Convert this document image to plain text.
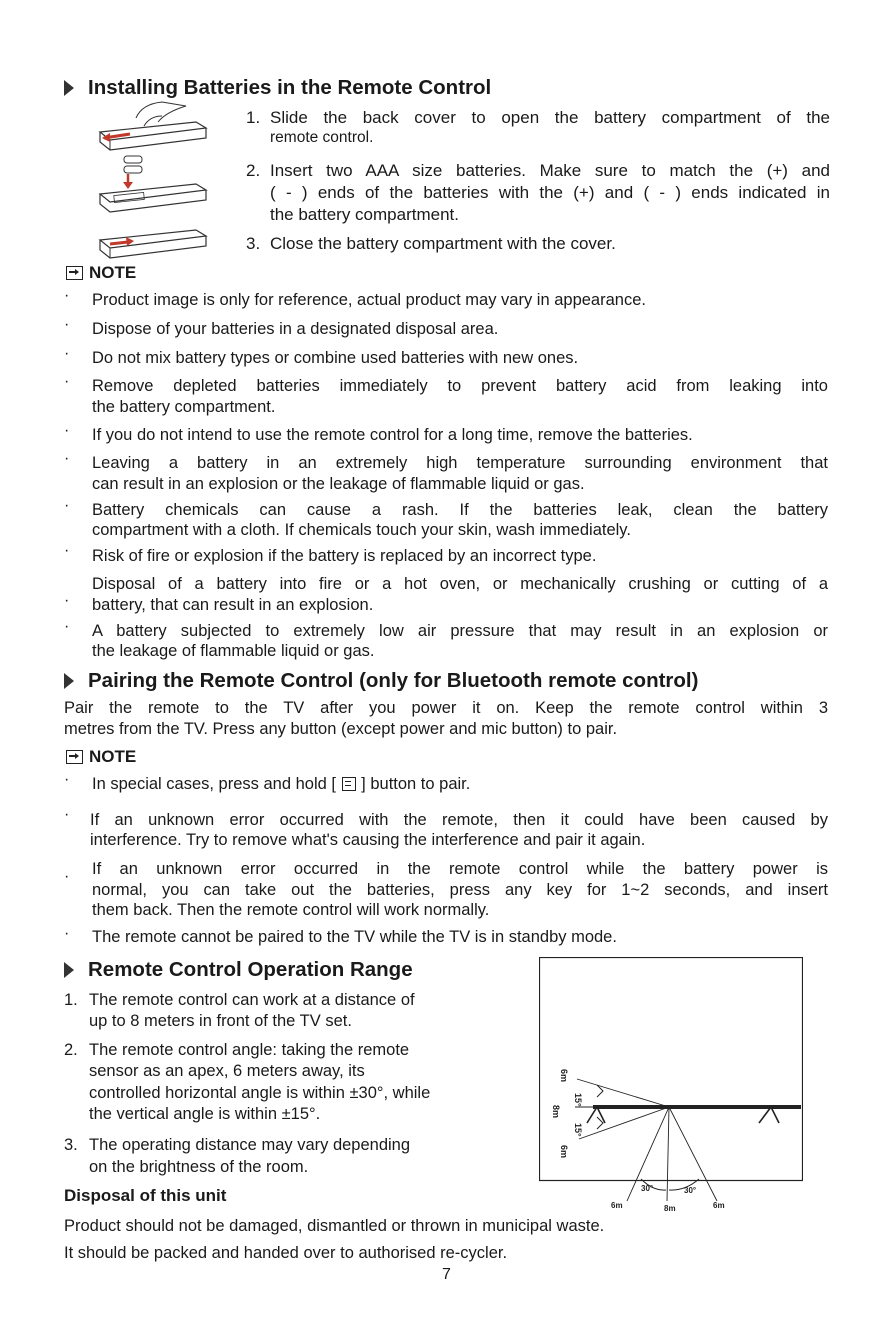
Installing Batteries in the Remote Control
1. Slide the back cover to open the battery compartment of the
remote control.
2. Insert two AAA size batteries. Make sure to match the (+) and
( - ) ends of the batteries with the (+) and ( - ) ends indicated in
the battery compartment.
3. Close the battery compartment with the cover.
NOTE
· Product image is only for reference, actual product may vary in appearance.
· Dispose of your batteries in a designated disposal area.
· Do not mix battery types or combine used batteries with new ones.
· Remove depleted batteries immediately to prevent battery acid from leaking into
the battery compartment.
· If you do not intend to use the remote control for a long time, remove the batteries.
· Leaving a battery in an extremely high temperature surrounding environment that
can result in an explosion or the leakage of flammable liquid or gas.
· Battery chemicals can cause a rash. If the batteries leak, clean the battery
compartment with a cloth. If chemicals touch your skin, wash immediately.
· Risk of fire or explosion if the battery is replaced by an incorrect type.
·
Disposal of a battery into fire or a hot oven, or mechanically crushing or cutting of a
battery, that can result in an explosion.
· A battery subjected to extremely low air pressure that may result in an explosion or
the leakage of flammable liquid or gas.
Pairing the Remote Control (only for Bluetooth remote control)
Pair the remote to the TV after you power it on. Keep the remote control within 3
metres from the TV. Press any button (except power and mic button) to pair.
NOTE
· In special cases, press and hold [ ] button to pair.
· If an unknown error occurred with the remote, then it could have been caused by
interference. Try to remove what's causing the interference and pair it again.
· If an unknown error occurred in the remote control while the battery power is
normal, you can take out the batteries, press any key for 1~2 seconds, and insert
them back. Then the remote control will work normally.
· The remote cannot be paired to the TV while the TV is in standby mode.
Remote Control Operation Range
1. The remote control can work at a distance of
up to 8 meters in front of the TV set.
2. The remote control angle: taking the remote
sensor as an apex, 6 meters away, its
controlled horizontal angle is within ±30°, while
the vertical angle is within ±15°.
3. The operating distance may vary depending
on the brightness of the room.
6m
15°
8m
15°
6m
30°	30°
6m	8m	6m
Disposal of this unit
Product should not be damaged, dismantled or thrown in municipal waste.
It should be packed and handed over to authorised re-cycler.
7
